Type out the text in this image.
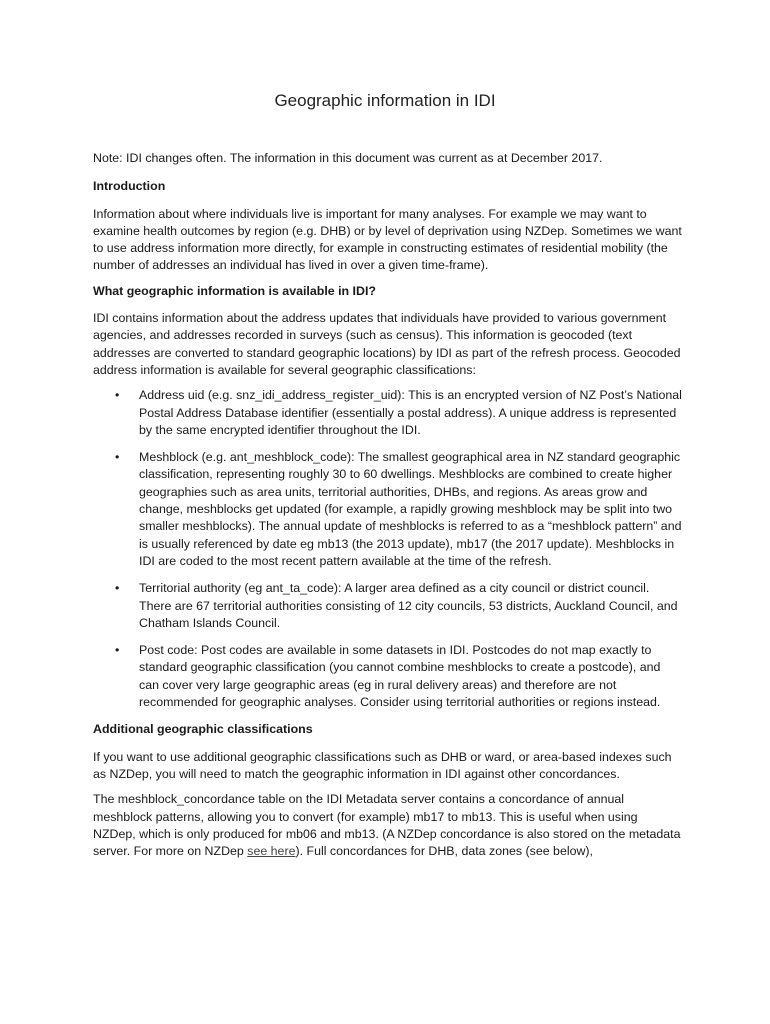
Geographic information in IDI

Note: IDI changes often. The information in this document was current as at December 2017.

Introduction

Information about where individuals live is important for many analyses. For example we may want to examine health outcomes by region (e.g. DHB) or by level of deprivation using NZDep. Sometimes we want to use address information more directly, for example in constructing estimates of residential mobility (the number of addresses an individual has lived in over a given time-frame).

What geographic information is available in IDI?

IDI contains information about the address updates that individuals have provided to various government agencies, and addresses recorded in surveys (such as census). This information is geocoded (text addresses are converted to standard geographic locations) by IDI as part of the refresh process. Geocoded address information is available for several geographic classifications:

• Address uid (e.g. snz_idi_address_register_uid): This is an encrypted version of NZ Post’s National Postal Address Database identifier (essentially a postal address). A unique address is represented by the same encrypted identifier throughout the IDI.
• Meshblock (e.g. ant_meshblock_code): The smallest geographical area in NZ standard geographic classification, representing roughly 30 to 60 dwellings. Meshblocks are combined to create higher geographies such as area units, territorial authorities, DHBs, and regions. As areas grow and change, meshblocks get updated (for example, a rapidly growing meshblock may be split into two smaller meshblocks). The annual update of meshblocks is referred to as a “meshblock pattern” and is usually referenced by date eg mb13 (the 2013 update), mb17 (the 2017 update). Meshblocks in IDI are coded to the most recent pattern available at the time of the refresh.
• Territorial authority (eg ant_ta_code): A larger area defined as a city council or district council. There are 67 territorial authorities consisting of 12 city councils, 53 districts, Auckland Council, and Chatham Islands Council.
• Post code: Post codes are available in some datasets in IDI. Postcodes do not map exactly to standard geographic classification (you cannot combine meshblocks to create a postcode), and can cover very large geographic areas (eg in rural delivery areas) and therefore are not recommended for geographic analyses. Consider using territorial authorities or regions instead.

Additional geographic classifications

If you want to use additional geographic classifications such as DHB or ward, or area-based indexes such as NZDep, you will need to match the geographic information in IDI against other concordances.

The meshblock_concordance table on the IDI Metadata server contains a concordance of annual meshblock patterns, allowing you to convert (for example) mb17 to mb13. This is useful when using NZDep, which is only produced for mb06 and mb13. (A NZDep concordance is also stored on the metadata server. For more on NZDep see here). Full concordances for DHB, data zones (see below),
